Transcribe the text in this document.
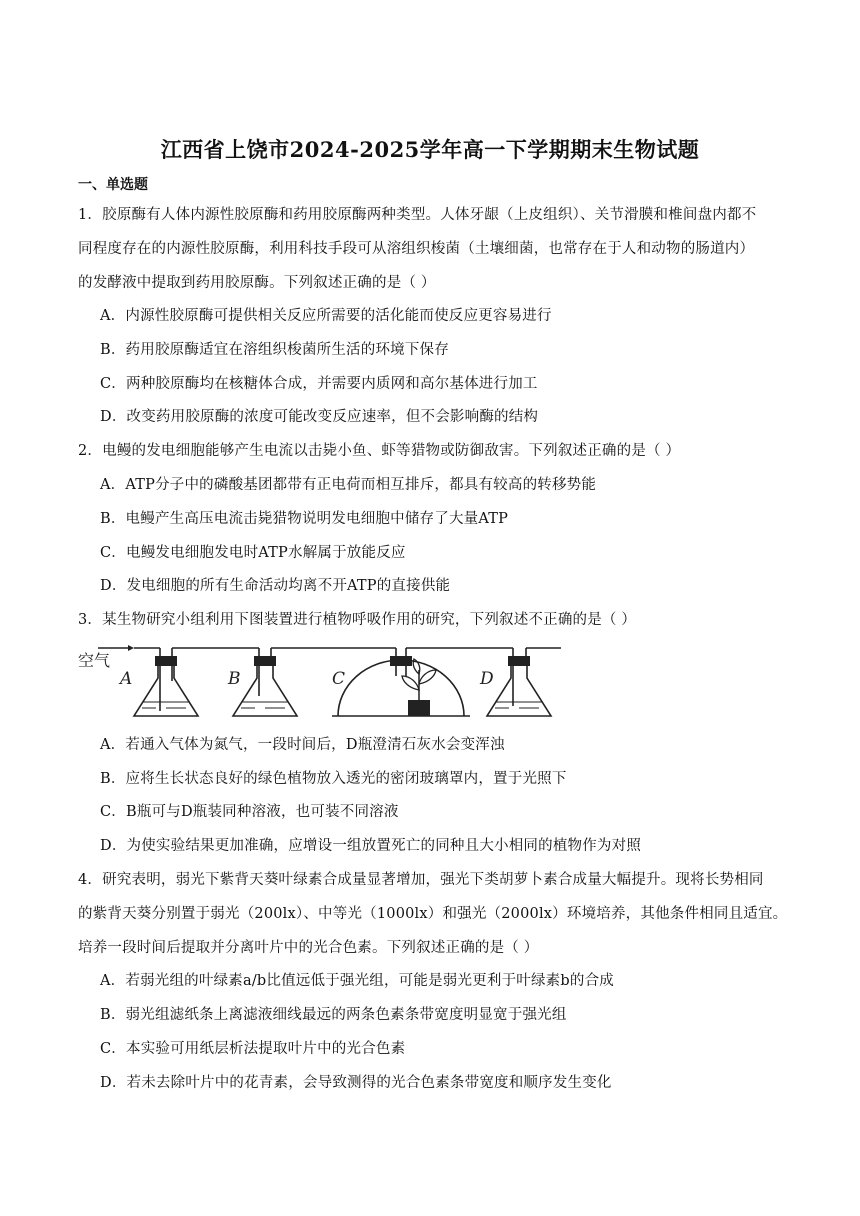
江西省上饶市2024-2025学年高一下学期期末生物试题
一、单选题
1．胶原酶有人体内源性胶原酶和药用胶原酶两种类型。人体牙龈（上皮组织）、关节滑膜和椎间盘内都不
同程度存在的内源性胶原酶，利用科技手段可从溶组织梭菌（土壤细菌，也常存在于人和动物的肠道内）
的发酵液中提取到药用胶原酶。下列叙述正确的是（ ）
A．内源性胶原酶可提供相关反应所需要的活化能而使反应更容易进行
B．药用胶原酶适宜在溶组织梭菌所生活的环境下保存
C．两种胶原酶均在核糖体合成，并需要内质网和高尔基体进行加工
D．改变药用胶原酶的浓度可能改变反应速率，但不会影响酶的结构
2．电鳗的发电细胞能够产生电流以击毙小鱼、虾等猎物或防御敌害。下列叙述正确的是（ ）
A．ATP分子中的磷酸基团都带有正电荷而相互排斥，都具有较高的转移势能
B．电鳗产生高压电流击毙猎物说明发电细胞中储存了大量ATP
C．电鳗发电细胞发电时ATP水解属于放能反应
D．发电细胞的所有生命活动均离不开ATP的直接供能
3．某生物研究小组利用下图装置进行植物呼吸作用的研究，下列叙述不正确的是（ ）
空气
A	B	C	D
A．若通入气体为氮气，一段时间后，D瓶澄清石灰水会变浑浊
B．应将生长状态良好的绿色植物放入透光的密闭玻璃罩内，置于光照下
C．B瓶可与D瓶装同种溶液，也可装不同溶液
D．为使实验结果更加准确，应增设一组放置死亡的同种且大小相同的植物作为对照
4．研究表明，弱光下紫背天葵叶绿素合成量显著增加，强光下类胡萝卜素合成量大幅提升。现将长势相同
的紫背天葵分别置于弱光（200lx）、中等光（1000lx）和强光（2000lx）环境培养，其他条件相同且适宜。
培养一段时间后提取并分离叶片中的光合色素。下列叙述正确的是（ ）
A．若弱光组的叶绿素a/b比值远低于强光组，可能是弱光更利于叶绿素b的合成
B．弱光组滤纸条上离滤液细线最远的两条色素条带宽度明显宽于强光组
C．本实验可用纸层析法提取叶片中的光合色素
D．若未去除叶片中的花青素，会导致测得的光合色素条带宽度和顺序发生变化
